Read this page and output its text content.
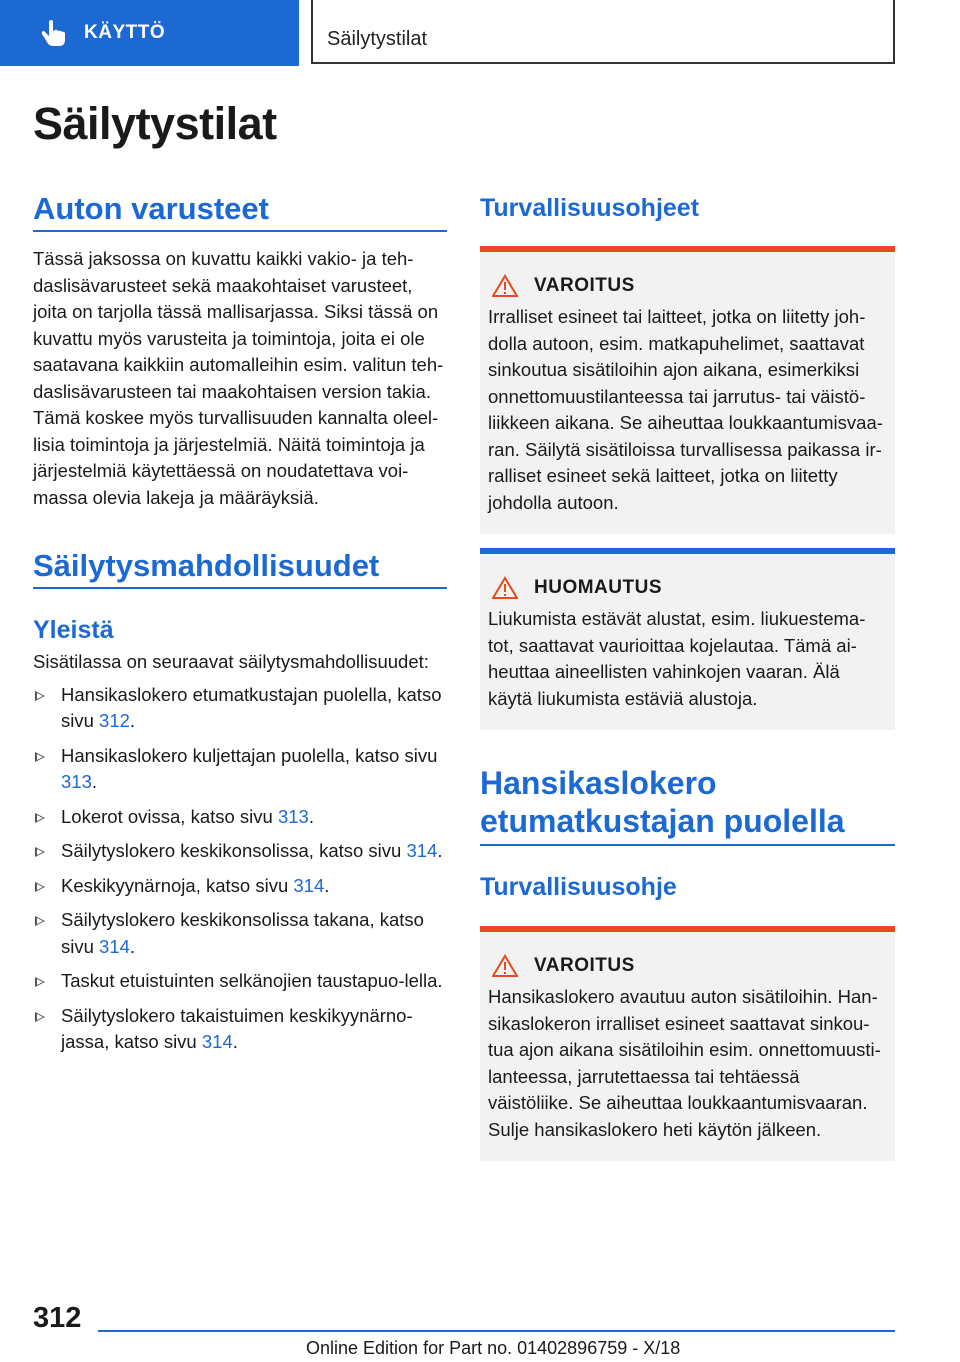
KÄYTTÖ	Säilytystilat
Säilytystilat
Auton varusteet

Tässä jaksossa on kuvattu kaikki vakio- ja teh-daslisävarusteet sekä maakohtaiset varusteet, joita on tarjolla tässä mallisarjassa. Siksi tässä on kuvattu myös varusteita ja toimintoja, joita ei ole saatavana kaikkiin automalleihin esim. valitun teh-daslisävarusteen tai maakohtaisen version takia. Tämä koskee myös turvallisuuden kannalta oleel-lisia toimintoja ja järjestelmiä. Näitä toimintoja ja järjestelmiä käytettäessä on noudatettava voi-massa olevia lakeja ja määräyksiä.

Säilytysmahdollisuudet
Yleistä

Sisätilassa on seuraavat säilytysmahdollisuudet:

Hansikaslokero etumatkustajan puolella, katso sivu 312.
Hansikaslokero kuljettajan puolella, katso sivu 313.
Lokerot ovissa, katso sivu 313.
Säilytyslokero keskikonsolissa, katso sivu 314.
Keskikyynärnoja, katso sivu 314.
Säilytyslokero keskikonsolissa takana, katso sivu 314.
Taskut etuistuinten selkänojien taustapuo-lella.
Säilytyslokero takaistuimen keskikyynärno-jassa, katso sivu 314.
Turvallisuusohjeet
VAROITUS

Irralliset esineet tai laitteet, jotka on liitetty joh-dolla autoon, esim. matkapuhelimet, saattavat sinkoutua sisätiloihin ajon aikana, esimerkiksi onnettomuustilanteessa tai jarrutus- tai väistö-liikkeen aikana. Se aiheuttaa loukkaantumisvaa-ran. Säilytä sisätiloissa turvallisessa paikassa ir-ralliset esineet sekä laitteet, jotka on liitetty johdolla autoon.

HUOMAUTUS

Liukumista estävät alustat, esim. liukuestema-tot, saattavat vaurioittaa kojelautaa. Tämä ai-heuttaa aineellisten vahinkojen vaaran. Älä käytä liukumista estäviä alustoja.

Hansikaslokero etumatkustajan puolella
Turvallisuusohje
VAROITUS

Hansikaslokero avautuu auton sisätiloihin. Han-sikaslokeron irralliset esineet saattavat sinkou-tua ajon aikana sisätiloihin esim. onnettomuusti-lanteessa, jarrutettaessa tai tehtäessä väistöliike. Se aiheuttaa loukkaantumisvaaran. Sulje hansikaslokero heti käytön jälkeen.

312
Online Edition for Part no. 01402896759 - X/18
